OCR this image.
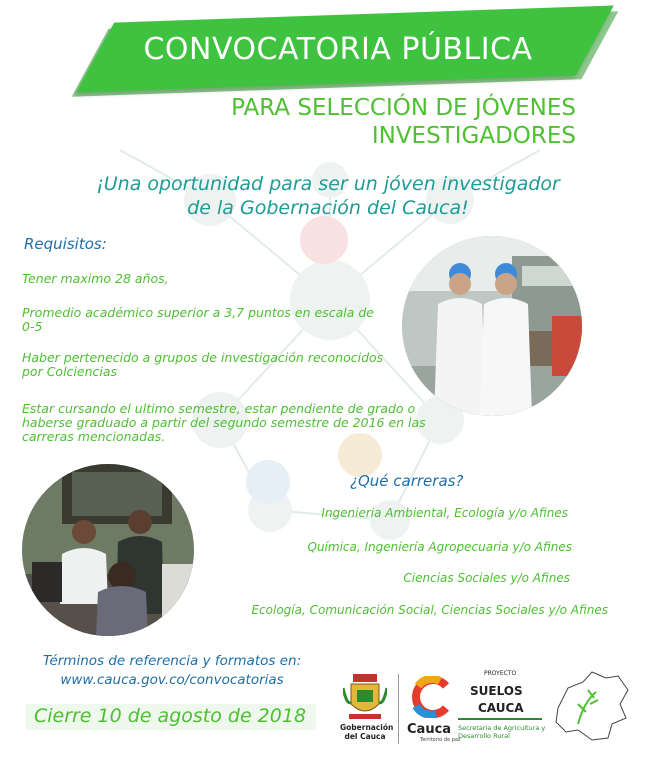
CONVOCATORIA PÚBLICA
PARA SELECCIÓN DE JÓVENES
INVESTIGADORES
¡Una oportunidad para ser un jóven investigador
de la Gobernación del Cauca!
Requisitos:
Tener maximo 28 años,
Promedio académico superior a 3,7 puntos en escala de 0-5
Haber pertenecido a grupos de investigación reconocidos por Colciencias
Estar cursando el ultimo semestre, estar pendiente de grado o haberse graduado a partir del segundo semestre de 2016 en las carreras mencionadas.
¿Qué carreras?
Ingenieria Ambiental, Ecología y/o Afines
Química, Ingeniería Agropecuaria y/o Afines
Ciencias Sociales y/o Afines
Ecología, Comunicación Social, Ciencias Sociales y/o Afines
Términos de referencia y formatos en:
www.cauca.gov.co/convocatorias
Cierre 10 de agosto de 2018
Gobernación del Cauca	Cauca
Territorio de paz
PROYECTO
SUELOS
CAUCA
Secretaria de Agricultura y Desarrollo Rural
